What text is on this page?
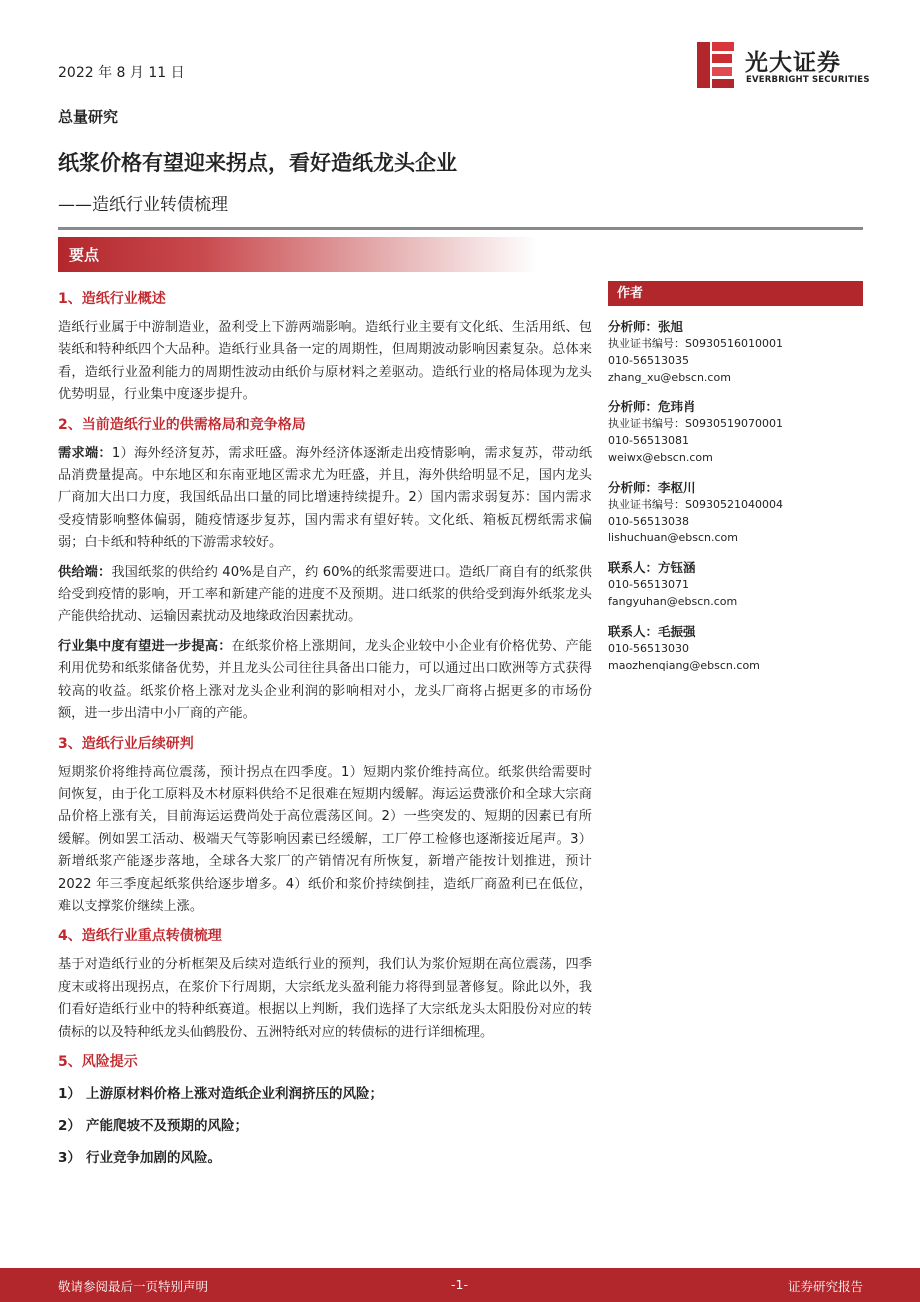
2022 年 8 月 11 日	光大证券
EVERBRIGHT SECURITIES
总量研究
纸浆价格有望迎来拐点，看好造纸龙头企业
——造纸行业转债梳理
要点
1、造纸行业概述

造纸行业属于中游制造业，盈利受上下游两端影响。造纸行业主要有文化纸、生活用纸、包装纸和特种纸四个大品种。造纸行业具备一定的周期性，但周期波动影响因素复杂。总体来看，造纸行业盈利能力的周期性波动由纸价与原材料之差驱动。造纸行业的格局体现为龙头优势明显，行业集中度逐步提升。

2、当前造纸行业的供需格局和竞争格局

需求端：1）海外经济复苏，需求旺盛。海外经济体逐渐走出疫情影响，需求复苏，带动纸品消费量提高。中东地区和东南亚地区需求尤为旺盛，并且，海外供给明显不足，国内龙头厂商加大出口力度，我国纸品出口量的同比增速持续提升。2）国内需求弱复苏：国内需求受疫情影响整体偏弱，随疫情逐步复苏，国内需求有望好转。文化纸、箱板瓦楞纸需求偏弱；白卡纸和特种纸的下游需求较好。

供给端：我国纸浆的供给约 40%是自产，约 60%的纸浆需要进口。造纸厂商自有的纸浆供给受到疫情的影响，开工率和新建产能的进度不及预期。进口纸浆的供给受到海外纸浆龙头产能供给扰动、运输因素扰动及地缘政治因素扰动。

行业集中度有望进一步提高：在纸浆价格上涨期间，龙头企业较中小企业有价格优势、产能利用优势和纸浆储备优势，并且龙头公司往往具备出口能力，可以通过出口欧洲等方式获得较高的收益。纸浆价格上涨对龙头企业利润的影响相对小，龙头厂商将占据更多的市场份额，进一步出清中小厂商的产能。

3、造纸行业后续研判

短期浆价将维持高位震荡，预计拐点在四季度。1）短期内浆价维持高位。纸浆供给需要时间恢复，由于化工原料及木材原料供给不足很难在短期内缓解。海运运费涨价和全球大宗商品价格上涨有关，目前海运运费尚处于高位震荡区间。2）一些突发的、短期的因素已有所缓解。例如罢工活动、极端天气等影响因素已经缓解，工厂停工检修也逐渐接近尾声。3）新增纸浆产能逐步落地，全球各大浆厂的产销情况有所恢复，新增产能按计划推进，预计 2022 年三季度起纸浆供给逐步增多。4）纸价和浆价持续倒挂，造纸厂商盈利已在低位，难以支撑浆价继续上涨。

4、造纸行业重点转债梳理

基于对造纸行业的分析框架及后续对造纸行业的预判，我们认为浆价短期在高位震荡，四季度末或将出现拐点，在浆价下行周期，大宗纸龙头盈利能力将得到显著修复。除此以外，我们看好造纸行业中的特种纸赛道。根据以上判断，我们选择了大宗纸龙头太阳股份对应的转债标的以及特种纸龙头仙鹤股份、五洲特纸对应的转债标的进行详细梳理。

5、风险提示
1） 上游原材料价格上涨对造纸企业利润挤压的风险；
2） 产能爬坡不及预期的风险；
3） 行业竞争加剧的风险。
作者
分析师：张旭
执业证书编号：S0930516010001
010-56513035
zhang_xu@ebscn.com
分析师：危玮肖
执业证书编号：S0930519070001
010-56513081
weiwx@ebscn.com
分析师：李枢川
执业证书编号：S0930521040004
010-56513038
lishuchuan@ebscn.com
联系人：方钰涵
010-56513071
fangyuhan@ebscn.com
联系人：毛振强
010-56513030
maozhenqiang@ebscn.com
敬请参阅最后一页特别声明	-1-	证券研究报告
